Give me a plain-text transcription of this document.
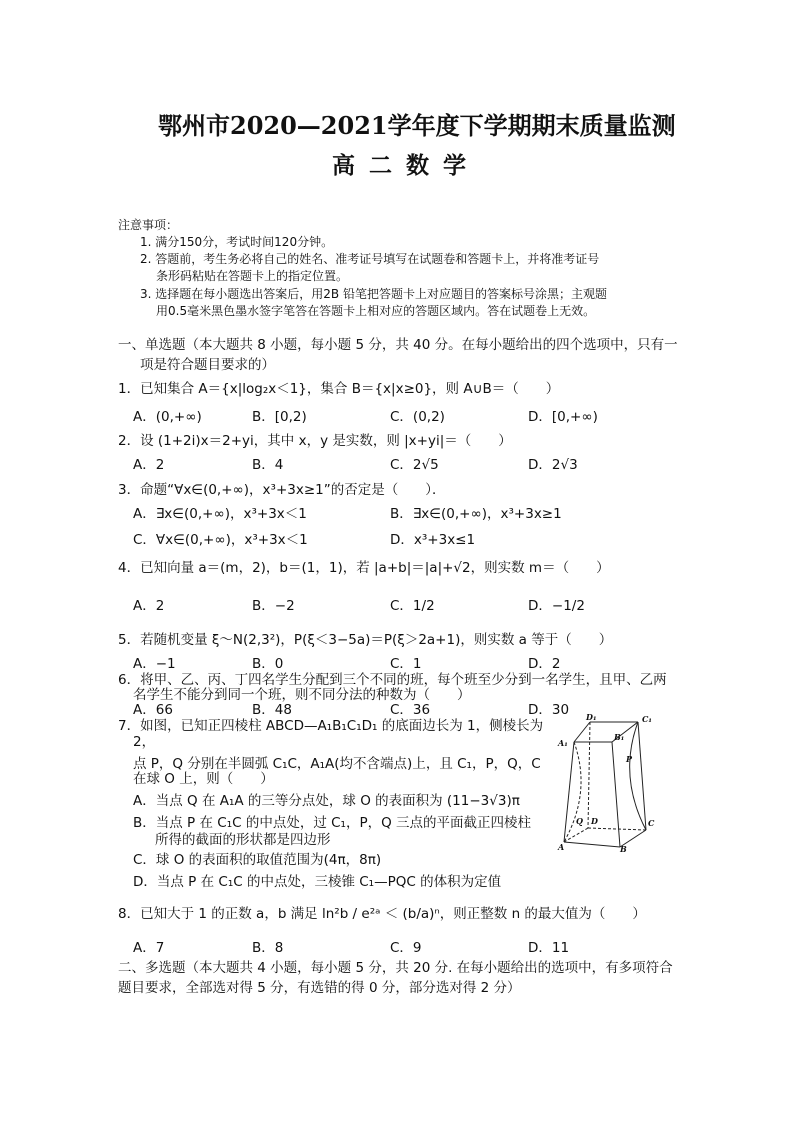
鄂州市2020—2021学年度下学期期末质量监测
高二数学
注意事项：
1. 满分150分，考试时间120分钟。
2. 答题前，考生务必将自己的姓名、准考证号填写在试题卷和答题卡上，并将准考证号
条形码粘贴在答题卡上的指定位置。
3. 选择题在每小题选出答案后，用2B 铅笔把答题卡上对应题目的答案标号涂黑；主观题
用0.5毫米黑色墨水签字笔答在答题卡上相对应的答题区域内。答在试题卷上无效。
一、单选题（本大题共 8 小题，每小题 5 分，共 40 分。在每小题给出的四个选项中，只有一
项是符合题目要求的）
1．已知集合 A＝{x|log₂x＜1}，集合 B＝{x|x≥0}，则 A∪B＝（　　）
A．(0,+∞)	B．[0,2)	C．(0,2)	D．[0,+∞)
2．设 (1+2i)x＝2+yi，其中 x，y 是实数，则 |x+yi|＝（　　）
A．2	B．4	C．2√5	D．2√3
3．命题“∀x∈(0,+∞)，x³+3x≥1”的否定是（　　）．
A．∃x∈(0,+∞)，x³+3x＜1	B．∃x∈(0,+∞)，x³+3x≥1
C．∀x∈(0,+∞)，x³+3x＜1	D．x³+3x≤1
4．已知向量 a＝(m，2)，b＝(1，1)，若 |a+b|＝|a|+√2，则实数 m＝（　　）
A．2	B．−2	C．1/2	D．−1/2
5．若随机变量 ξ～N(2,3²)，P(ξ＜3−5a)＝P(ξ＞2a+1)，则实数 a 等于（　　）
A．−1	B．0	C．1	D．2
6．将甲、乙、丙、丁四名学生分配到三个不同的班，每个班至少分到一名学生，且甲、乙两
名学生不能分到同一个班，则不同分法的种数为（　　）
A．66	B．48	C．36	D．30
7．如图，已知正四棱柱 ABCD—A₁B₁C₁D₁ 的底面边长为 1，侧棱长为
2，
点 P，Q 分别在半圆弧 C₁C，A₁A(均不含端点)上，且 C₁，P，Q，C
在球 O 上，则（　　）
A．当点 Q 在 A₁A 的三等分点处，球 O 的表面积为 (11−3√3)π
B．当点 P 在 C₁C 的中点处，过 C₁，P，Q 三点的平面截正四棱柱
所得的截面的形状都是四边形
C．球 O 的表面积的取值范围为(4π，8π)
D．当点 P 在 C₁C 的中点处，三棱锥 C₁—PQC 的体积为定值
D₁	C₁
A₁
B₁
P
Q D	C
A	B
8．已知大于 1 的正数 a，b 满足 ln²b / e²ᵃ ＜ (b/a)ⁿ，则正整数 n 的最大值为（　　）
A．7	B．8	C．9	D．11
二、多选题（本大题共 4 小题，每小题 5 分，共 20 分. 在每小题给出的选项中，有多项符合
题目要求，全部选对得 5 分，有选错的得 0 分，部分选对得 2 分）
